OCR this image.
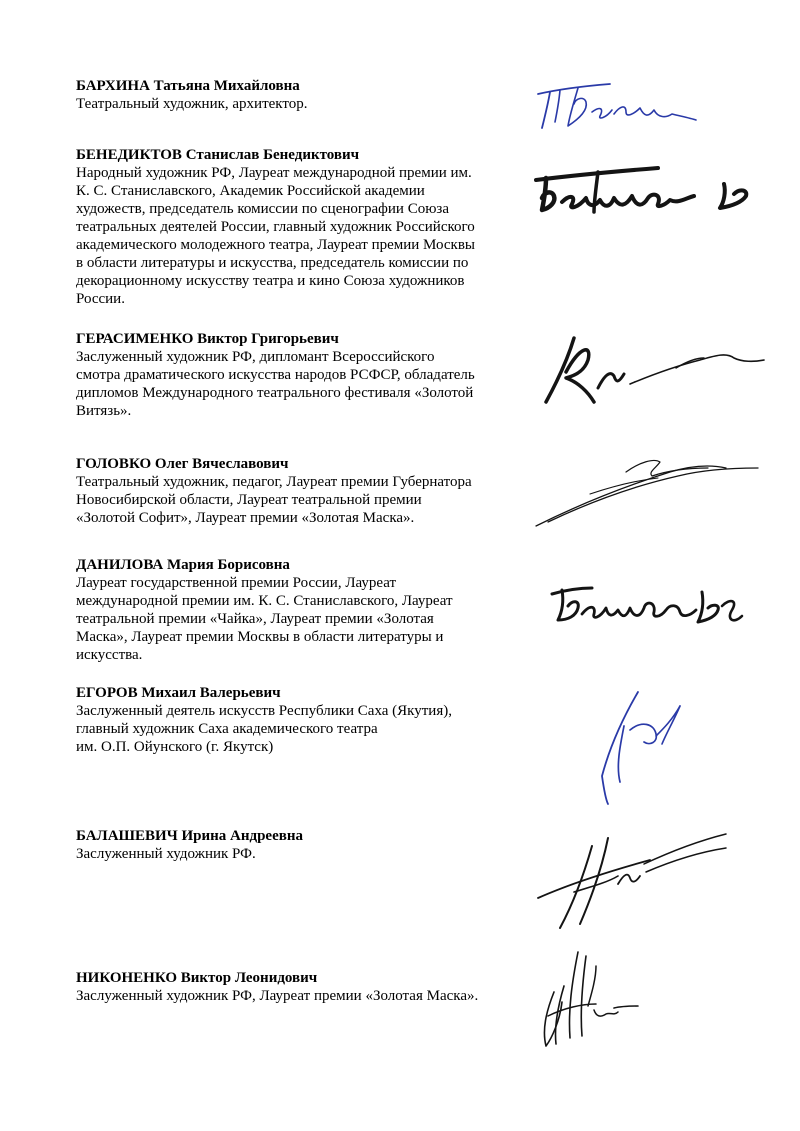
БАРХИНА Татьяна Михайловна

Театральный художник, архитектор.

БЕНЕДИКТОВ Станислав Бенедиктович

Народный художник РФ, Лауреат международной премии им.
К. С. Станиславского, Академик Российской академии
художеств, председатель комиссии по сценографии Союза
театральных деятелей России, главный художник Российского
академического молодежного театра, Лауреат премии Москвы
в области литературы и искусства, председатель комиссии по
декорационному искусству театра и кино Союза художников
России.

ГЕРАСИМЕНКО Виктор Григорьевич

Заслуженный художник РФ, дипломант Всероссийского
смотра драматического искусства народов РСФСР, обладатель
дипломов Международного театрального фестиваля «Золотой
Витязь».

ГОЛОВКО Олег Вячеславович

Театральный художник, педагог, Лауреат премии Губернатора
Новосибирской области, Лауреат театральной премии
«Золотой Софит», Лауреат премии «Золотая Маска».

ДАНИЛОВА Мария Борисовна

Лауреат государственной премии России, Лауреат
международной премии им. К. С. Станиславского, Лауреат
театральной премии «Чайка», Лауреат премии «Золотая
Маска», Лауреат премии Москвы в области литературы и
искусства.

ЕГОРОВ Михаил Валерьевич

Заслуженный деятель искусств Республики Саха (Якутия),
главный художник Саха академического театра
им. О.П. Ойунского (г. Якутск)

БАЛАШЕВИЧ Ирина Андреевна

Заслуженный художник РФ.

НИКОНЕНКО Виктор Леонидович

Заслуженный художник РФ, Лауреат премии «Золотая Маска».
